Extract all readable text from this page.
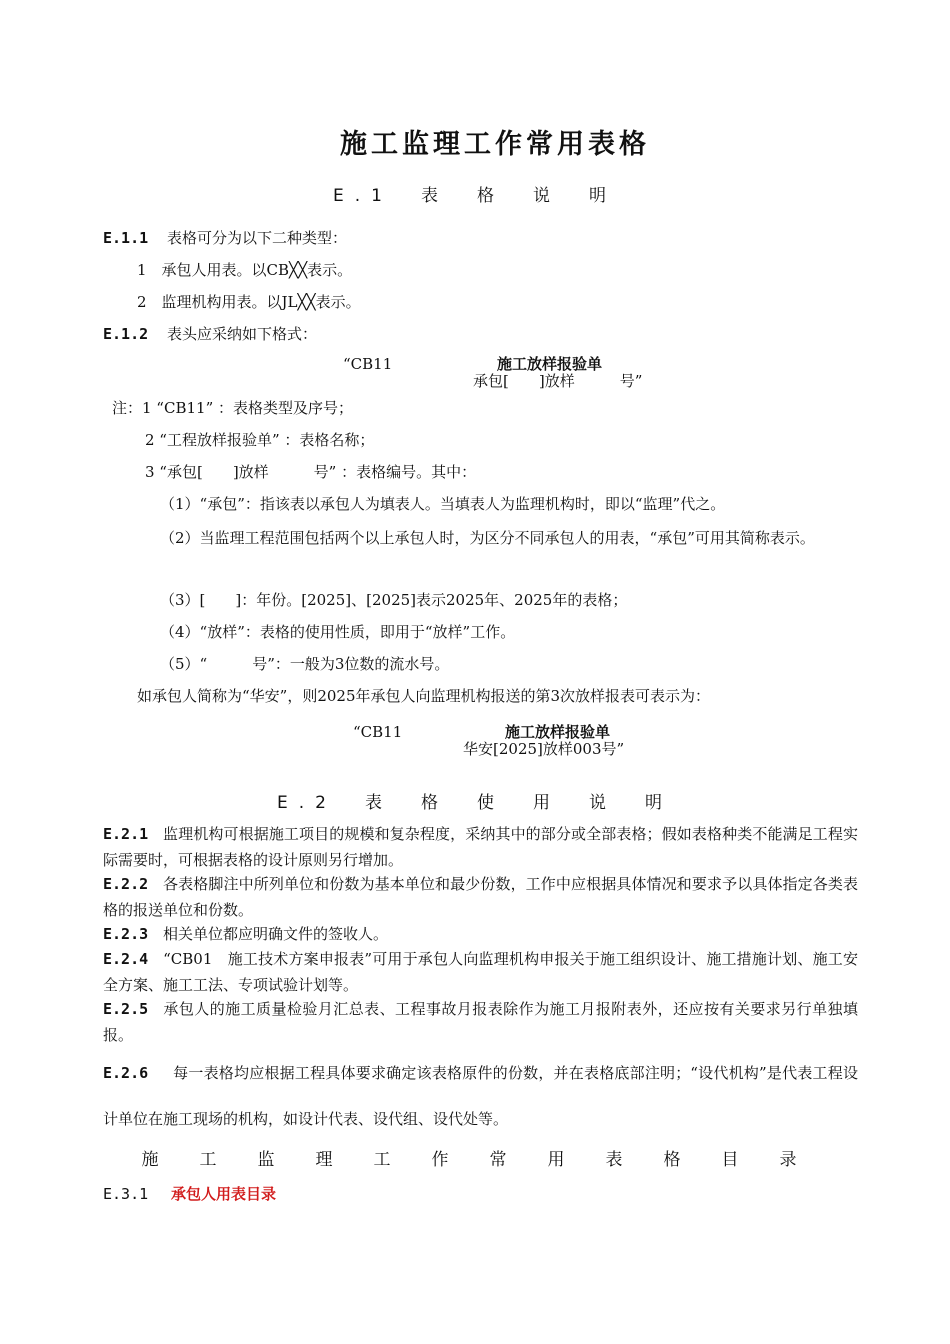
施工监理工作常用表格
E.1　表　格　说　明
E.1.1 表格可分为以下二种类型：
1　承包人用表。以CB╳╳表示。
2　监理机构用表。以JL╳╳表示。
E.1.2 表头应采纳如下格式：
“CB11	施工放样报验单
承包[　　]放样　　　号”
注：1 “CB11” ：表格类型及序号；
2 “工程放样报验单” ：表格名称；
3 “承包[　　]放样　　　号” ：表格编号。其中：
（1）“承包”：指该表以承包人为填表人。当填表人为监理机构时，即以“监理”代之。
（2）当监理工程范围包括两个以上承包人时，为区分不同承包人的用表，“承包”可用其简称表示。
（3）[　　]：年份。[2025]、[2025]表示2025年、2025年的表格；
（4）“放样”：表格的使用性质，即用于“放样”工作。
（5）“　　　号”：一般为3位数的流水号。
如承包人简称为“华安”，则2025年承包人向监理机构报送的第3次放样报表可表示为：
“CB11	施工放样报验单
华安[2025]放样003号”
E.2　表　格　使　用　说　明
E.2.1 监理机构可根据施工项目的规模和复杂程度，采纳其中的部分或全部表格；假如表格种类不能满足工程实际需要时，可根据表格的设计原则另行增加。
E.2.2 各表格脚注中所列单位和份数为基本单位和最少份数，工作中应根据具体情况和要求予以具体指定各类表格的报送单位和份数。
E.2.3 相关单位都应明确文件的签收人。
E.2.4 “CB01　施工技术方案申报表”可用于承包人向监理机构申报关于施工组织设计、施工措施计划、施工安全方案、施工工法、专项试验计划等。
E.2.5 承包人的施工质量检验月汇总表、工程事故月报表除作为施工月报附表外，还应按有关要求另行单独填报。
E.2.6 每一表格均应根据工程具体要求确定该表格原件的份数，并在表格底部注明；“设代机构”是代表工程设计单位在施工现场的机构，如设计代表、设代组、设代处等。
施　工　监　理　工　作　常　用　表　格　目　录
E.3.1 承包人用表目录
